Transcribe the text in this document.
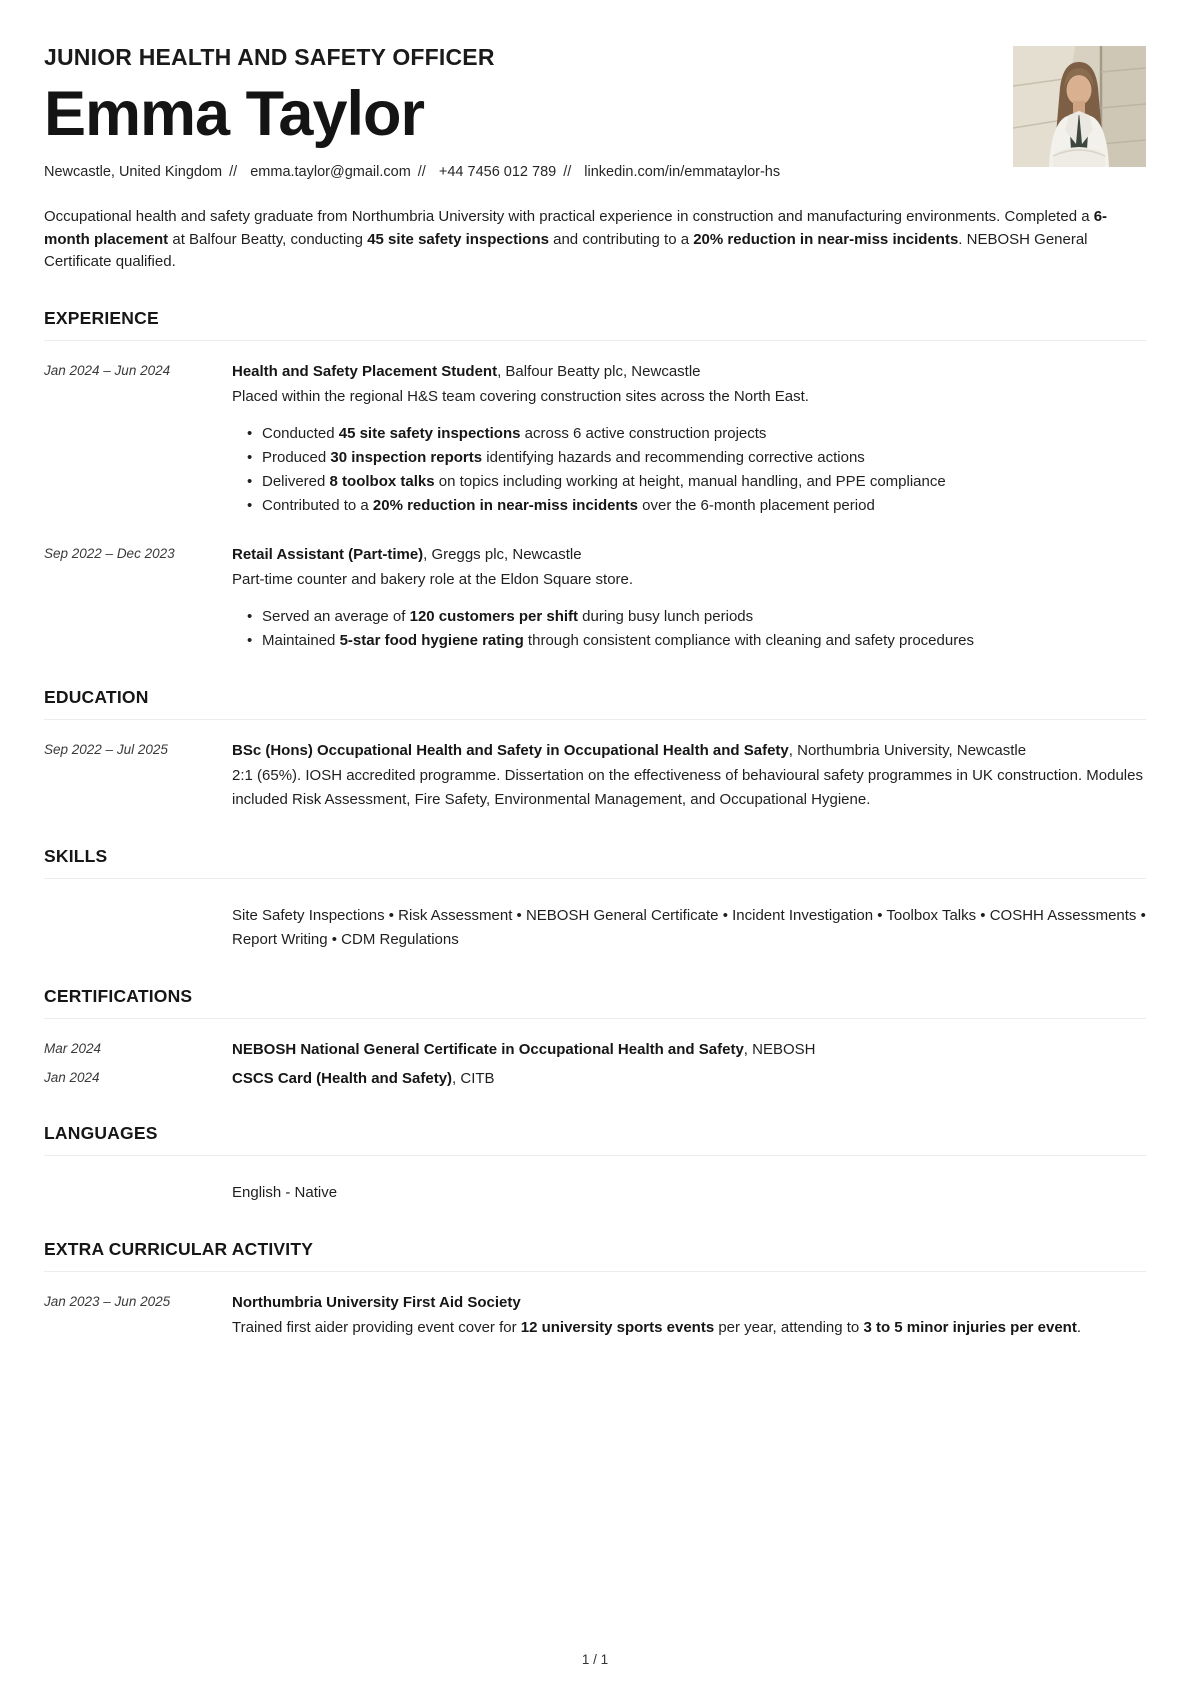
JUNIOR HEALTH AND SAFETY OFFICER
Emma Taylor
Newcastle, United Kingdom // emma.taylor@gmail.com // +44 7456 012 789 // linkedin.com/in/emmataylor-hs

Occupational health and safety graduate from Northumbria University with practical experience in construction and manufacturing environments. Completed a 6-month placement at Balfour Beatty, conducting 45 site safety inspections and contributing to a 20% reduction in near-miss incidents. NEBOSH General Certificate qualified.

EXPERIENCE
Jan 2024 – Jun 2024	Health and Safety Placement Student, Balfour Beatty plc, Newcastle

Placed within the regional H&S team covering construction sites across the North East.

• Conducted 45 site safety inspections across 6 active construction projects
• Produced 30 inspection reports identifying hazards and recommending corrective actions
• Delivered 8 toolbox talks on topics including working at height, manual handling, and PPE compliance
• Contributed to a 20% reduction in near-miss incidents over the 6-month placement period
Sep 2022 – Dec 2023	Retail Assistant (Part-time), Greggs plc, Newcastle

Part-time counter and bakery role at the Eldon Square store.

• Served an average of 120 customers per shift during busy lunch periods
• Maintained 5-star food hygiene rating through consistent compliance with cleaning and safety procedures
EDUCATION
Sep 2022 – Jul 2025	BSc (Hons) Occupational Health and Safety in Occupational Health and Safety, Northumbria University, Newcastle

2:1 (65%). IOSH accredited programme. Dissertation on the effectiveness of behavioural safety programmes in UK construction. Modules included Risk Assessment, Fire Safety, Environmental Management, and Occupational Hygiene.

SKILLS

Site Safety Inspections • Risk Assessment • NEBOSH General Certificate • Incident Investigation • Toolbox Talks • COSHH Assessments • Report Writing • CDM Regulations

CERTIFICATIONS
Mar 2024	NEBOSH National General Certificate in Occupational Health and Safety, NEBOSH
Jan 2024	CSCS Card (Health and Safety), CITB
LANGUAGES

English - Native

EXTRA CURRICULAR ACTIVITY
Jan 2023 – Jun 2025	Northumbria University First Aid Society

Trained first aider providing event cover for 12 university sports events per year, attending to 3 to 5 minor injuries per event.

1 / 1
